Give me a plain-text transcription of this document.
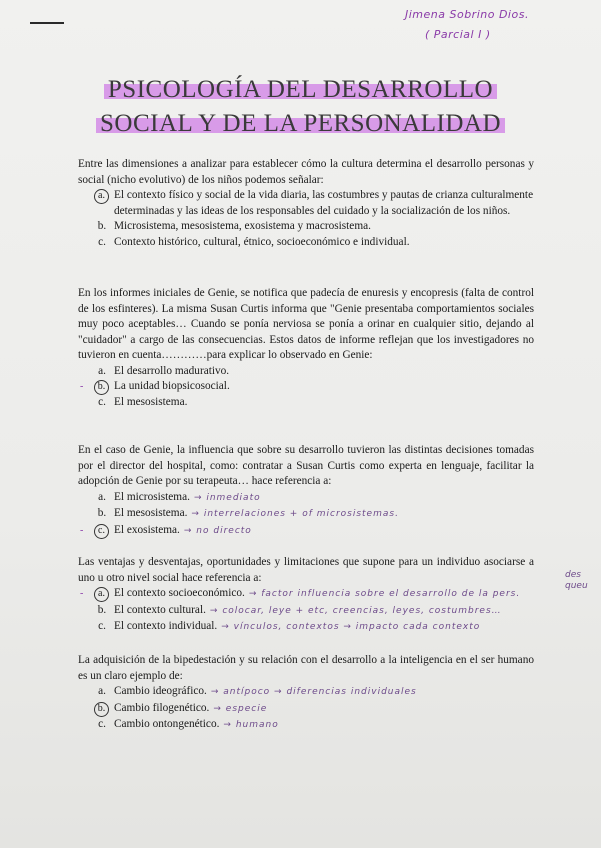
Jimena Sobrino Dios.
( Parcial I )
PSICOLOGÍA DEL DESARROLLO
SOCIAL Y DE LA PERSONALIDAD
Entre las dimensiones a analizar para establecer cómo la cultura determina el desarrollo personas y social (nicho evolutivo) de los niños podemos señalar:
a. El contexto físico y social de la vida diaria, las costumbres y pautas de crianza culturalmente determinadas y las ideas de los responsables del cuidado y la socialización de los niños.
b. Microsistema, mesosistema, exosistema y macrosistema.
c. Contexto histórico, cultural, étnico, socioeconómico e individual.
En los informes iniciales de Genie, se notifica que padecía de enuresis y encopresis (falta de control de los esfinteres). La misma Susan Curtis informa que "Genie presentaba comportamientos sociales muy poco aceptables… Cuando se ponía nerviosa se ponía a orinar en cualquier sitio, dejando al "cuidador" a cargo de las consecuencias. Estos datos de informe reflejan que los investigadores no tuvieron en cuenta…………para explicar lo observado en Genie:
a. El desarrollo madurativo.
-	b. La unidad biopsicosocial.
c. El mesosistema.
En el caso de Genie, la influencia que sobre su desarrollo tuvieron las distintas decisiones tomadas por el director del hospital, como: contratar a Susan Curtis como experta en lenguaje, facilitar la adopción de Genie por su terapeuta… hace referencia a:
a. El microsistema. → inmediato
b. El mesosistema. → interrelaciones + of microsistemas.
-	c. El exosistema. → no directo
Las ventajas y desventajas, oportunidades y limitaciones que supone para un individuo asociarse a uno u otro nivel social hace referencia a:
-	a. El contexto socioeconómico. → factor influencia sobre el desarrollo de la pers.
b. El contexto cultural. → colocar, leye + etc, creencias, leyes, costumbres…
c. El contexto individual. → vínculos, contextos → impacto cada contexto
La adquisición de la bipedestación y su relación con el desarrollo a la inteligencia en el ser humano es un claro ejemplo de:
a. Cambio ideográfico. → antípoco → diferencias individuales
b. Cambio filogenético. → especie
c. Cambio ontongenético. → humano
des
queu
